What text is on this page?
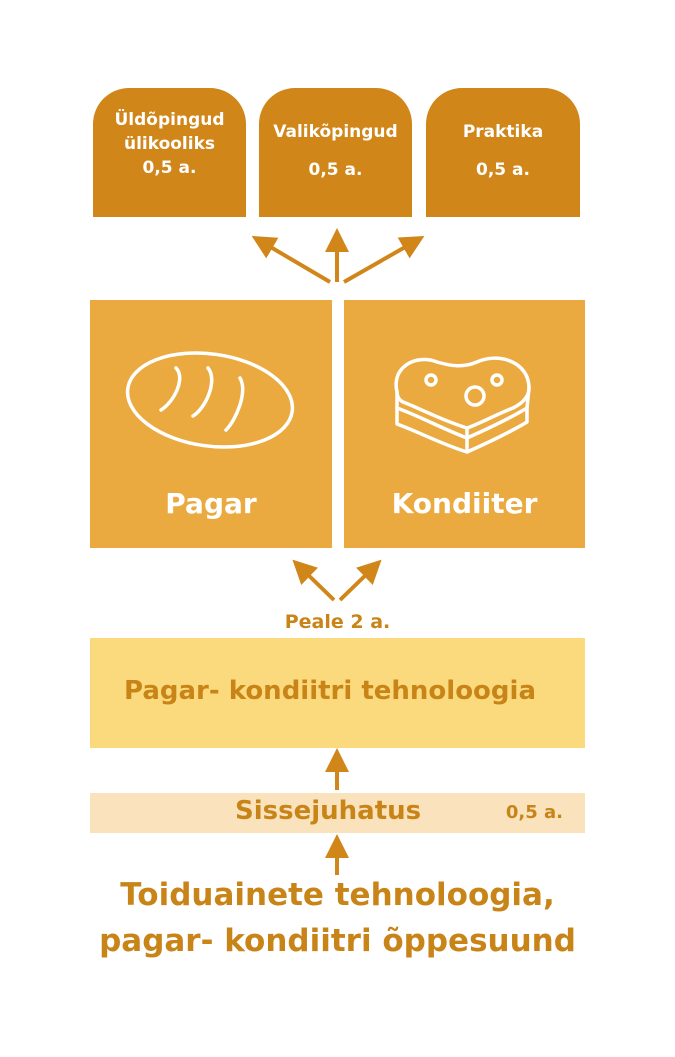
Üldõpingud
ülikooliks
0,5 a.
Valikõpingud
0,5 a.
Praktika
0,5 a.
Pagar	Kondiiter
Peale 2 a.
Pagar- kondiitri tehnoloogia
Sissejuhatus	0,5 a.
Toiduainete tehnoloogia,
pagar- kondiitri õppesuund
